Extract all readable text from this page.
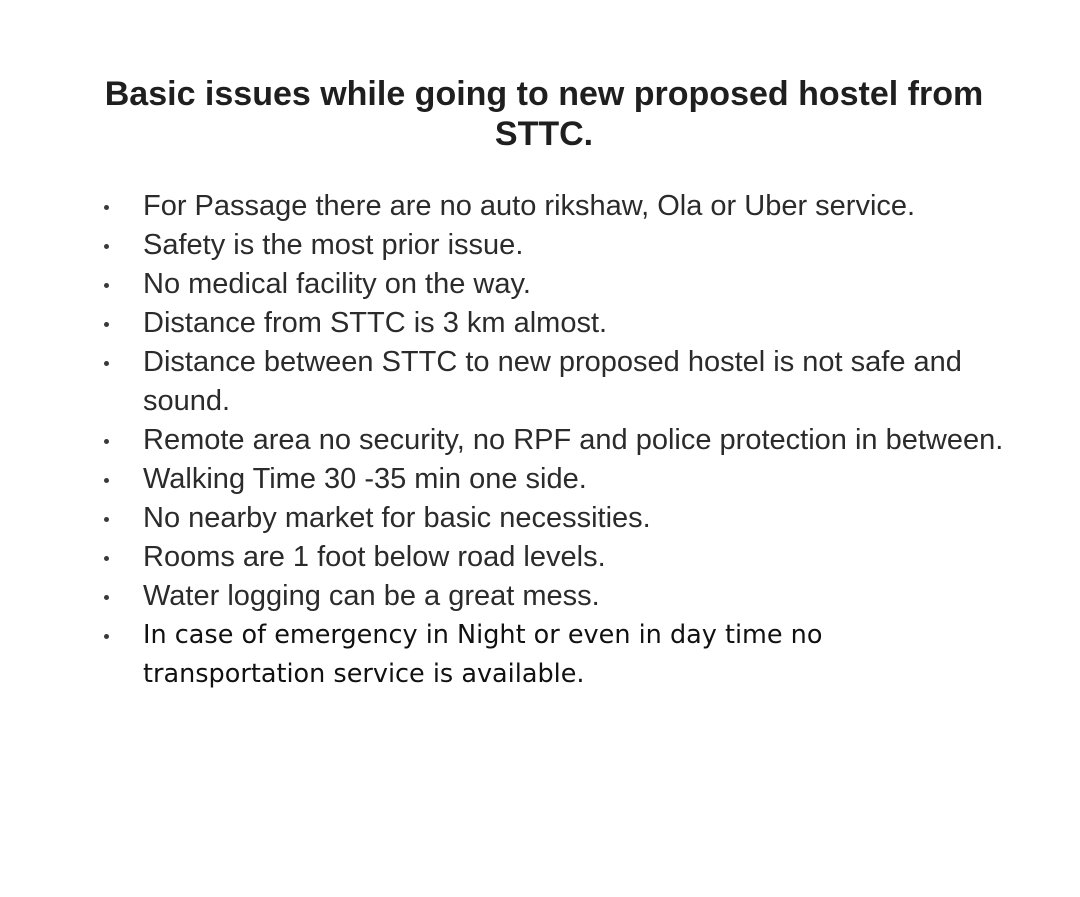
Basic issues while going to new proposed hostel from STTC.
For Passage there are no auto rikshaw, Ola or Uber service.
Safety is the most prior issue.
No medical facility on the way.
Distance from STTC is 3 km almost.
Distance between STTC to new proposed hostel is not safe and sound.
Remote area no security, no RPF and police protection in between.
Walking Time 30 -35 min one side.
No nearby market for basic necessities.
Rooms are 1 foot below road levels.
Water logging can be a great mess.
In case of emergency in Night or even in day time no transportation service is available.
